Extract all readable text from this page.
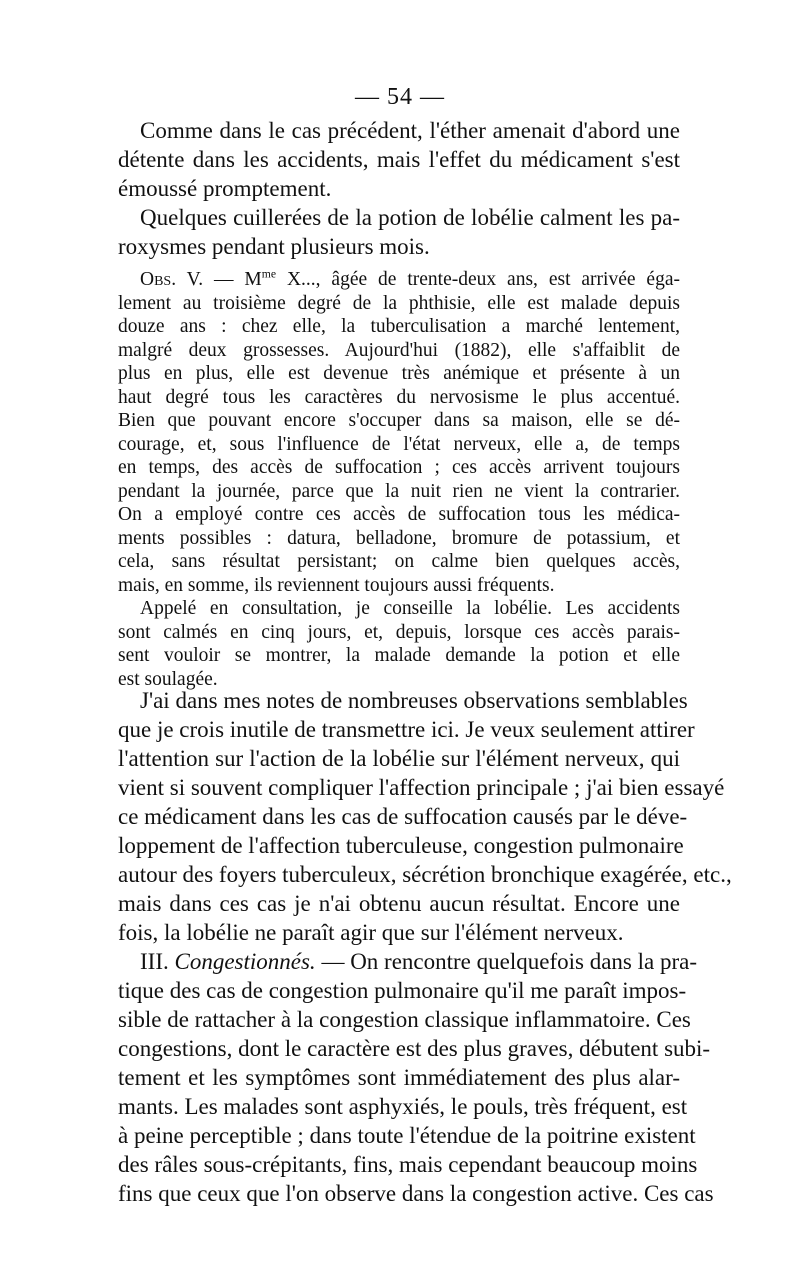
— 54 —
Comme dans le cas précédent, l'éther amenait d'abord une
détente dans les accidents, mais l'effet du médicament s'est
émoussé promptement.
Quelques cuillerées de la potion de lobélie calment les pa-
roxysmes pendant plusieurs mois.
Obs. V. — $M^{me}$ X..., âgée de trente-deux ans, est arrivée éga-
lement au troisième degré de la phthisie, elle est malade depuis
douze ans : chez elle, la tuberculisation a marché lentement,
malgré deux grossesses. Aujourd'hui (1882), elle s'affaiblit de
plus en plus, elle est devenue très anémique et présente à un
haut degré tous les caractères du nervosisme le plus accentué.
Bien que pouvant encore s'occuper dans sa maison, elle se dé-
courage, et, sous l'influence de l'état nerveux, elle a, de temps
en temps, des accès de suffocation ; ces accès arrivent toujours
pendant la journée, parce que la nuit rien ne vient la contrarier.
On a employé contre ces accès de suffocation tous les médica-
ments possibles : datura, belladone, bromure de potassium, et
cela, sans résultat persistant; on calme bien quelques accès,
mais, en somme, ils reviennent toujours aussi fréquents.
Appelé en consultation, je conseille la lobélie. Les accidents
sont calmés en cinq jours, et, depuis, lorsque ces accès parais-
sent vouloir se montrer, la malade demande la potion et elle
est soulagée.
J'ai dans mes notes de nombreuses observations semblables
que je crois inutile de transmettre ici. Je veux seulement attirer
l'attention sur l'action de la lobélie sur l'élément nerveux, qui
vient si souvent compliquer l'affection principale ; j'ai bien essayé
ce médicament dans les cas de suffocation causés par le déve-
loppement de l'affection tuberculeuse, congestion pulmonaire
autour des foyers tuberculeux, sécrétion bronchique exagérée, etc.,
mais dans ces cas je n'ai obtenu aucun résultat. Encore une
fois, la lobélie ne paraît agir que sur l'élément nerveux.
III. Congestionnés. — On rencontre quelquefois dans la pra-
tique des cas de congestion pulmonaire qu'il me paraît impos-
sible de rattacher à la congestion classique inflammatoire. Ces
congestions, dont le caractère est des plus graves, débutent subi-
tement et les symptômes sont immédiatement des plus alar-
mants. Les malades sont asphyxiés, le pouls, très fréquent, est
à peine perceptible ; dans toute l'étendue de la poitrine existent
des râles sous-crépitants, fins, mais cependant beaucoup moins
fins que ceux que l'on observe dans la congestion active. Ces cas
